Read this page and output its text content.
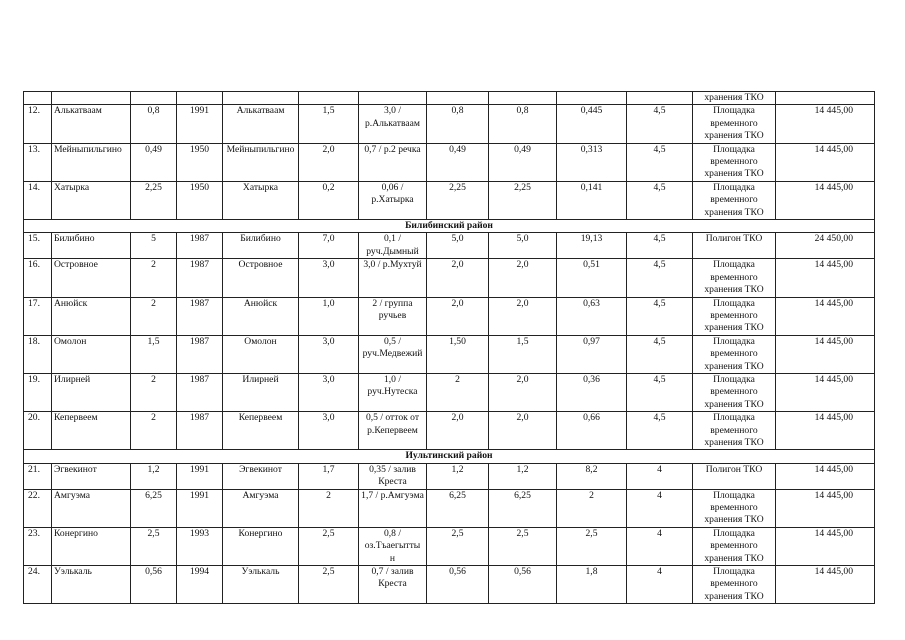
											хранения ТКО	
12.	Алькатваам	0,8	1991	Алькатваам	1,5	3,0 / р.Алькатваам	0,8	0,8	0,445	4,5	Площадка временного хранения ТКО	14 445,00
13.	Мейныпильгино	0,49	1950	Мейныпильгино	2,0	0,7 / р.2 речка	0,49	0,49	0,313	4,5	Площадка временного хранения ТКО	14 445,00
14.	Хатырка	2,25	1950	Хатырка	0,2	0,06 / р.Хатырка	2,25	2,25	0,141	4,5	Площадка временного хранения ТКО	14 445,00
Билибинский район												
15.	Билибино	5	1987	Билибино	7,0	0,1 / руч.Дымный	5,0	5,0	19,13	4,5	Полигон ТКО	24 450,00
16.	Островное	2	1987	Островное	3,0	3,0 / р.Мухтуй	2,0	2,0	0,51	4,5	Площадка временного хранения ТКО	14 445,00
17.	Анюйск	2	1987	Анюйск	1,0	2 / группа ручьев	2,0	2,0	0,63	4,5	Площадка временного хранения ТКО	14 445,00
18.	Омолон	1,5	1987	Омолон	3,0	0,5 / руч.Медвежий	1,50	1,5	0,97	4,5	Площадка временного хранения ТКО	14 445,00
19.	Илирней	2	1987	Илирней	3,0	1,0 / руч.Нутеска	2	2,0	0,36	4,5	Площадка временного хранения ТКО	14 445,00
20.	Кепервеем	2	1987	Кепервеем	3,0	0,5 / отток от р.Кепервеем	2,0	2,0	0,66	4,5	Площадка временного хранения ТКО	14 445,00
Иультинский район												
21.	Эгвекинот	1,2	1991	Эгвекинот	1,7	0,35 / залив Креста	1,2	1,2	8,2	4	Полигон ТКО	14 445,00
22.	Амгуэма	6,25	1991	Амгуэма	2	1,7 / р.Амгуэма	6,25	6,25	2	4	Площадка временного хранения ТКО	14 445,00
23.	Конергино	2,5	1993	Конергино	2,5	0,8 /оз.Тъаегытты н	2,5	2,5	2,5	4	Площадка временного хранения ТКО	14 445,00
24.	Уэлькаль	0,56	1994	Уэлькаль	2,5	0,7 / залив Креста	0,56	0,56	1,8	4	Площадка временного хранения ТКО	14 445,00
